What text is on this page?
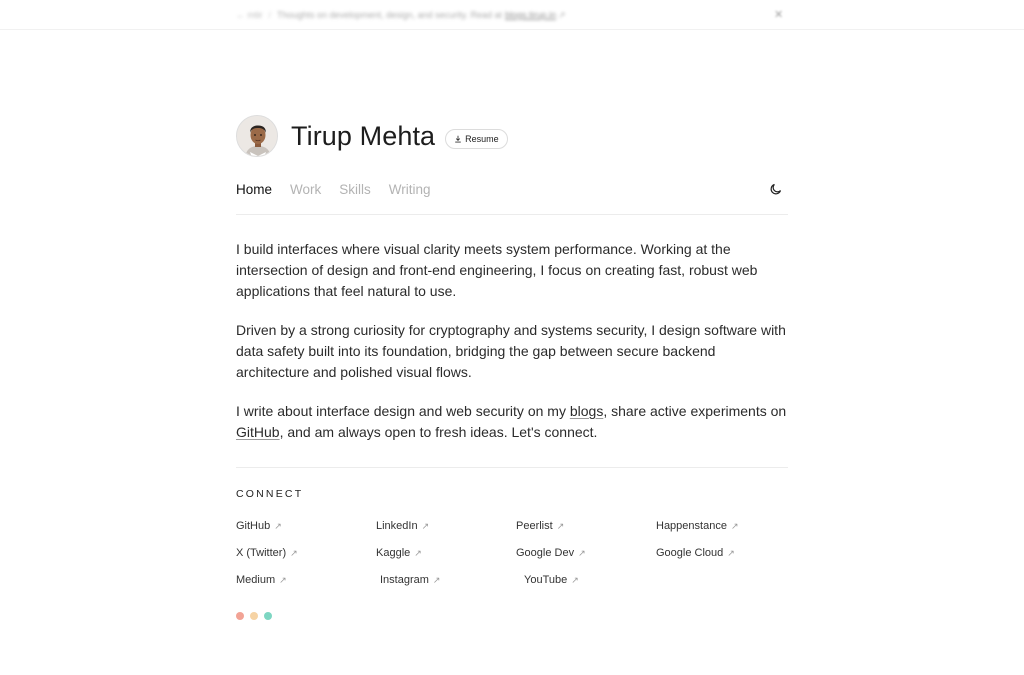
← mtir / Thoughts on development, design, and security. Read at blogs.tirup.in ↗	✕
Tirup Mehta	Resume
Home Work Skills Writing

I build interfaces where visual clarity meets system performance. Working at the intersection of design and front-end engineering, I focus on creating fast, robust web applications that feel natural to use.

Driven by a strong curiosity for cryptography and systems security, I design software with data safety built into its foundation, bridging the gap between secure backend architecture and polished visual flows.

I write about interface design and web security on my blogs, share active experiments on GitHub, and am always open to fresh ideas. Let's connect.

CONNECT
GitHub ↗	LinkedIn ↗	Peerlist ↗	Happenstance ↗
X (Twitter) ↗	Kaggle ↗	Google Dev ↗	Google Cloud ↗
Medium ↗	Instagram ↗	YouTube ↗
